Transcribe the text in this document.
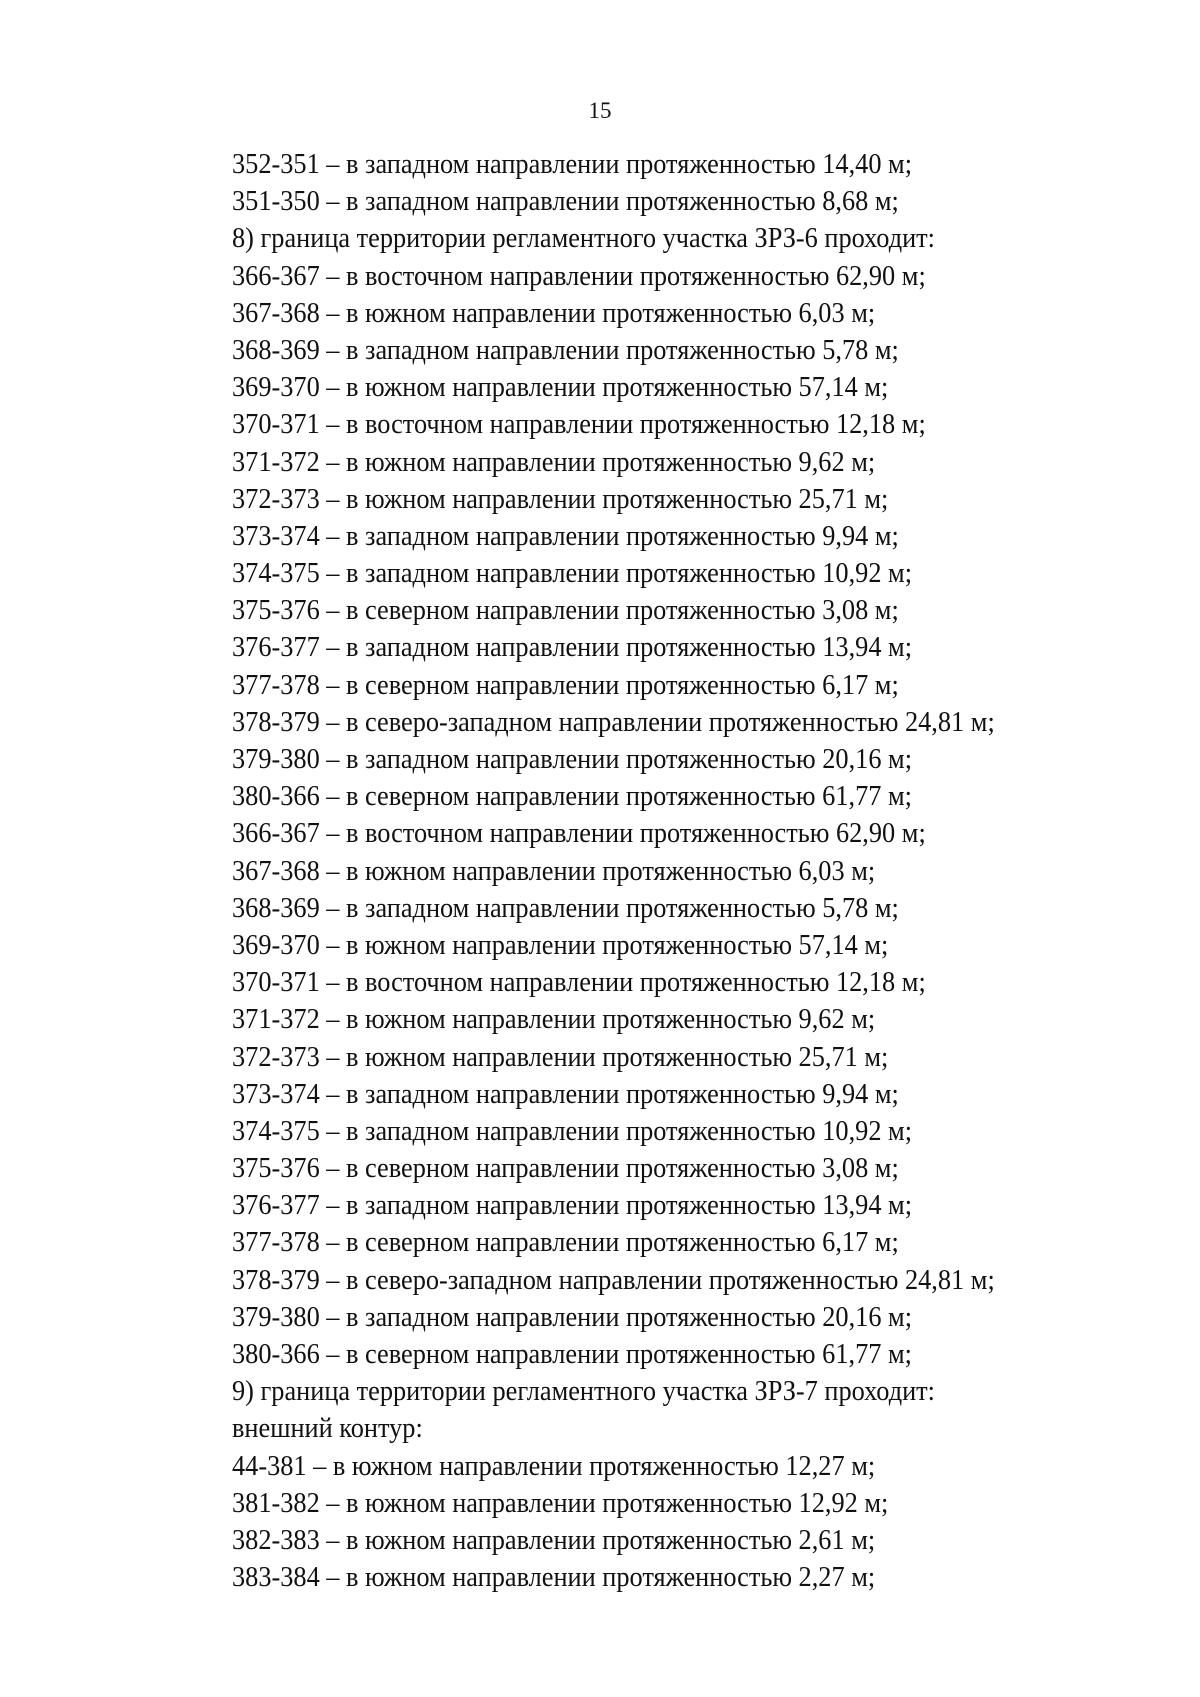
15
352-351 – в западном направлении протяженностью 14,40 м;
351-350 – в западном направлении протяженностью 8,68 м;
8) граница территории регламентного участка ЗРЗ-6 проходит:
366-367 – в восточном направлении протяженностью 62,90 м;
367-368 – в южном направлении протяженностью 6,03 м;
368-369 – в западном направлении протяженностью 5,78 м;
369-370 – в южном направлении протяженностью 57,14 м;
370-371 – в восточном направлении протяженностью 12,18 м;
371-372 – в южном направлении протяженностью 9,62 м;
372-373 – в южном направлении протяженностью 25,71 м;
373-374 – в западном направлении протяженностью 9,94 м;
374-375 – в западном направлении протяженностью 10,92 м;
375-376 – в северном направлении протяженностью 3,08 м;
376-377 – в западном направлении протяженностью 13,94 м;
377-378 – в северном направлении протяженностью 6,17 м;
378-379 – в северо-западном направлении протяженностью 24,81 м;
379-380 – в западном направлении протяженностью 20,16 м;
380-366 – в северном направлении протяженностью 61,77 м;
366-367 – в восточном направлении протяженностью 62,90 м;
367-368 – в южном направлении протяженностью 6,03 м;
368-369 – в западном направлении протяженностью 5,78 м;
369-370 – в южном направлении протяженностью 57,14 м;
370-371 – в восточном направлении протяженностью 12,18 м;
371-372 – в южном направлении протяженностью 9,62 м;
372-373 – в южном направлении протяженностью 25,71 м;
373-374 – в западном направлении протяженностью 9,94 м;
374-375 – в западном направлении протяженностью 10,92 м;
375-376 – в северном направлении протяженностью 3,08 м;
376-377 – в западном направлении протяженностью 13,94 м;
377-378 – в северном направлении протяженностью 6,17 м;
378-379 – в северо-западном направлении протяженностью 24,81 м;
379-380 – в западном направлении протяженностью 20,16 м;
380-366 – в северном направлении протяженностью 61,77 м;
9) граница территории регламентного участка ЗРЗ-7 проходит:
внешний контур:
44-381 – в южном направлении протяженностью 12,27 м;
381-382 – в южном направлении протяженностью 12,92 м;
382-383 – в южном направлении протяженностью 2,61 м;
383-384 – в южном направлении протяженностью 2,27 м;
